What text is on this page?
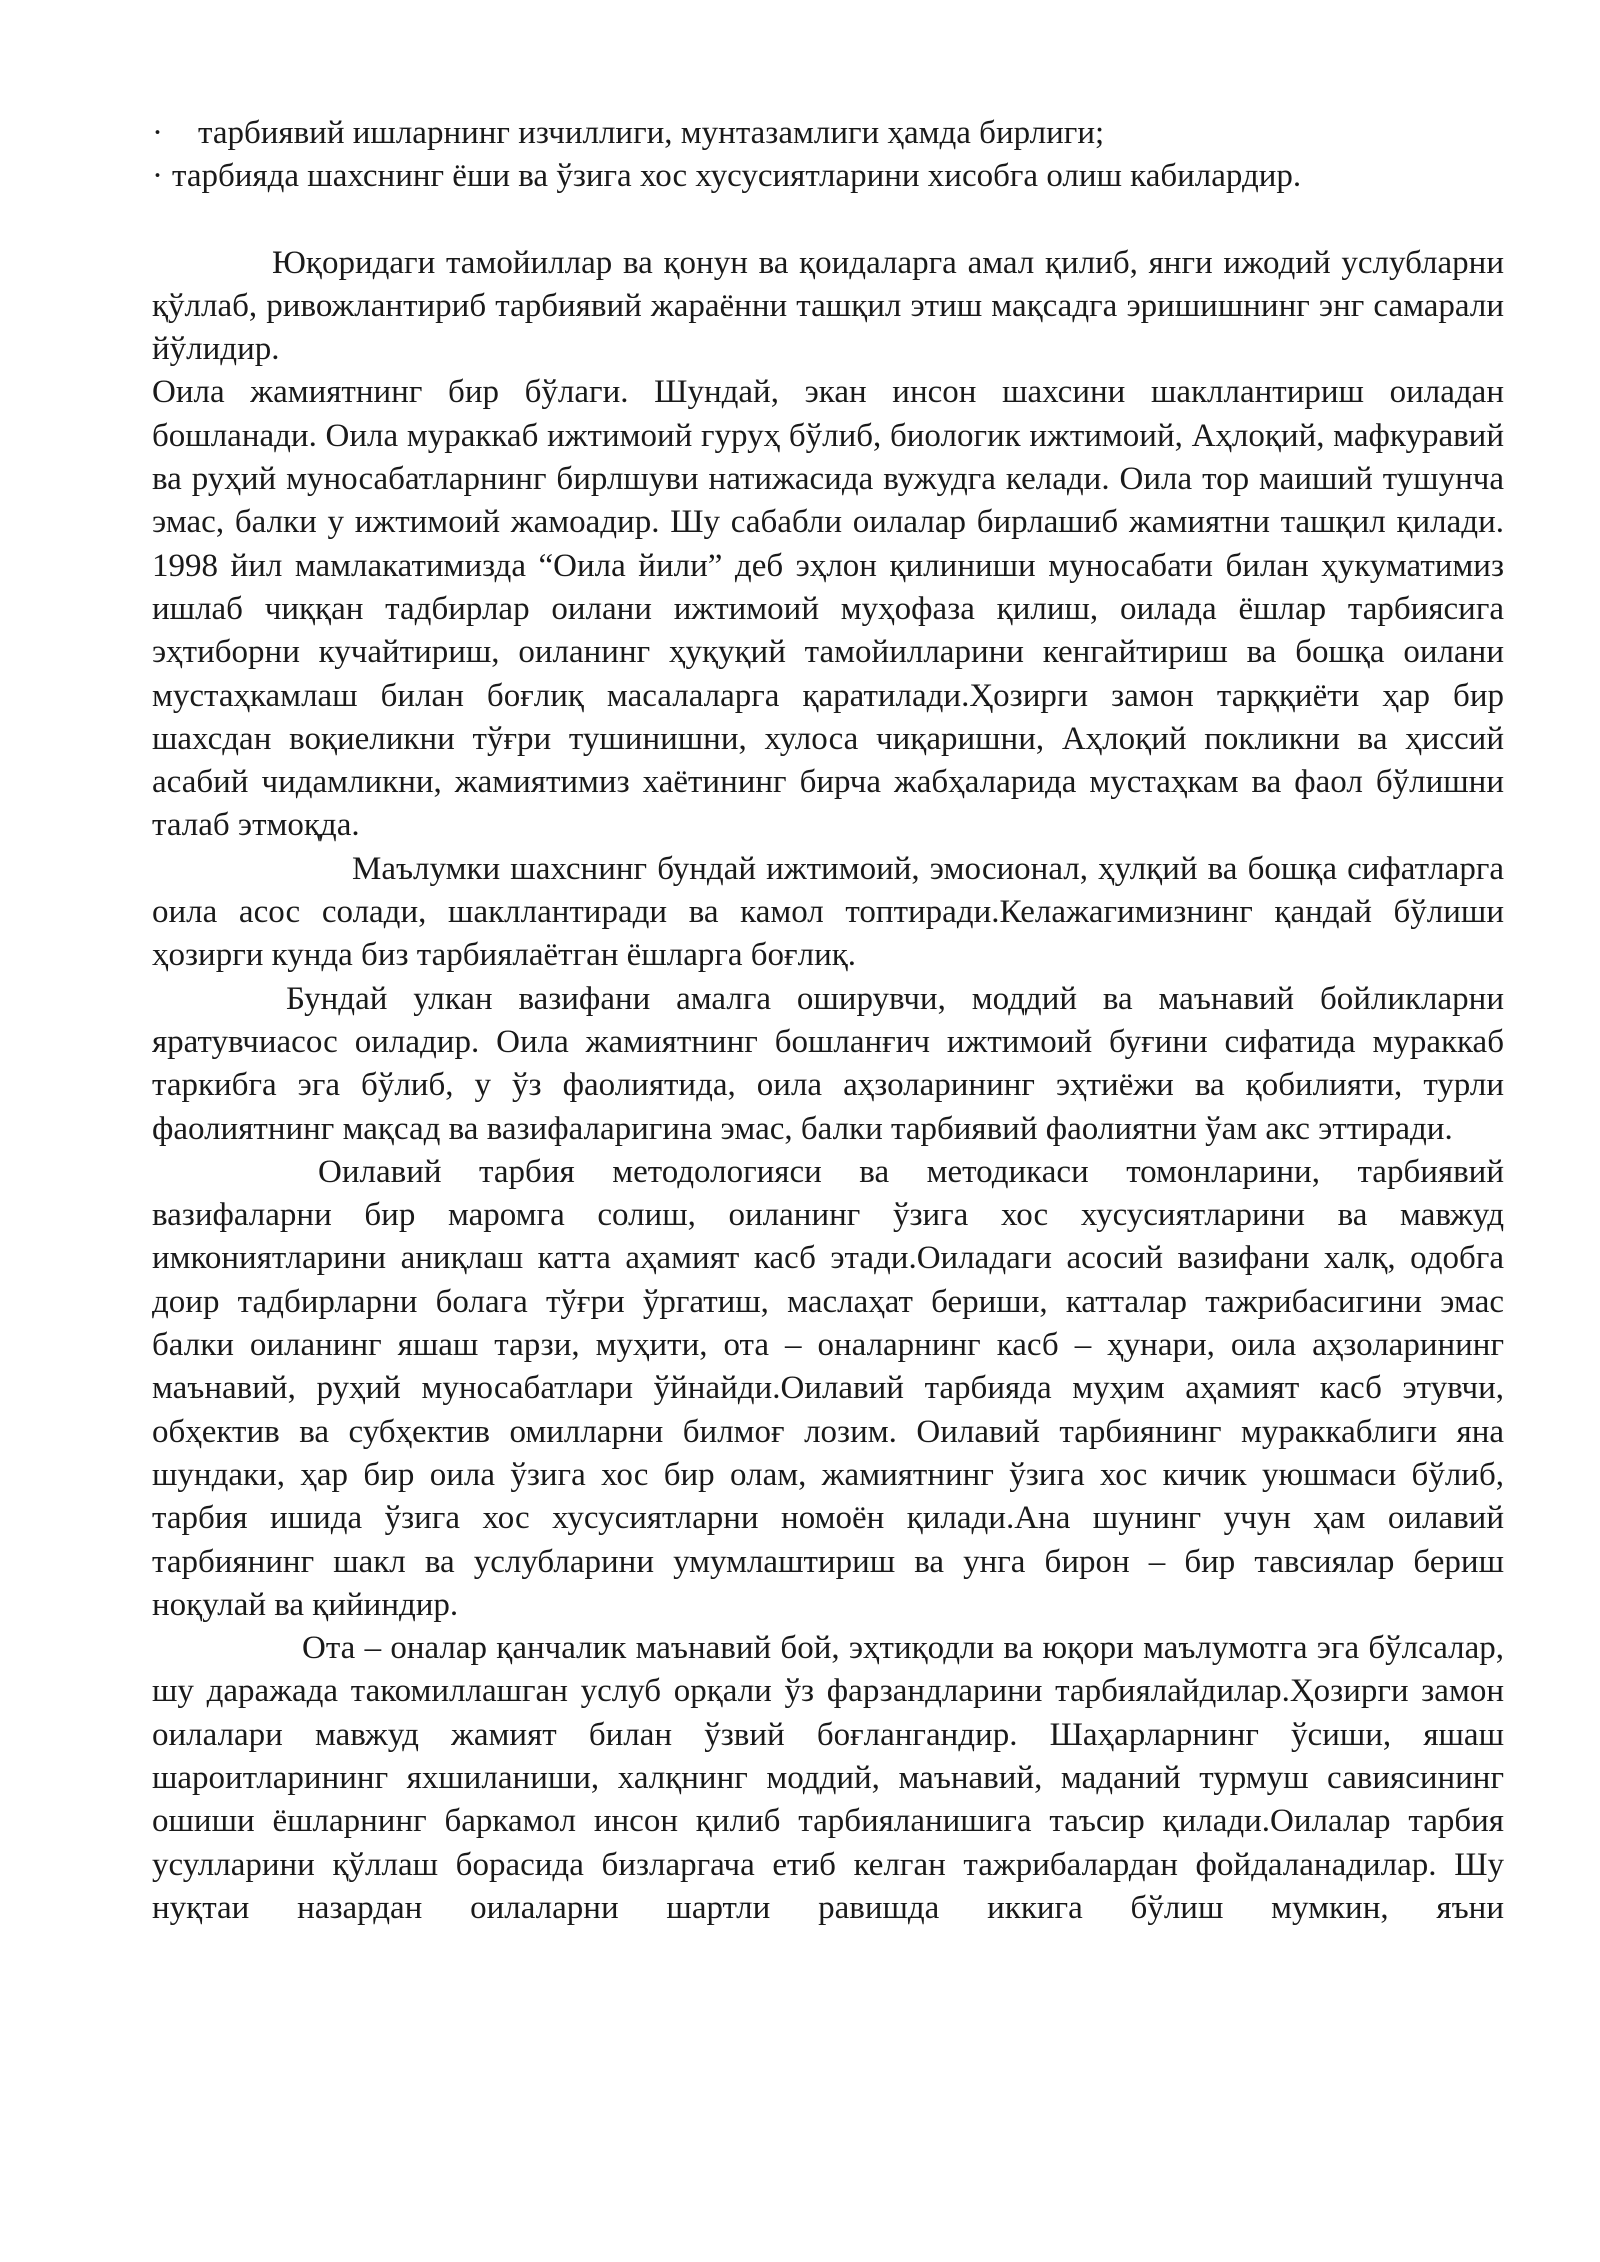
· тарбиявий ишларнинг изчиллиги, мунтазамлиги ҳамда бирлиги;
· тарбияда шахснинг ёши ва ўзига хос хусусиятларини хисобга олиш кабилардир.

Юқоридаги тамойиллар ва қонун ва қоидаларга амал қилиб, янги ижодий услубларни қўллаб, ривожлантириб тарбиявий жараённи ташқил этиш мақсадга эришишнинг энг самарали йўлидир.

Оила жамиятнинг бир бўлаги. Шундай, экан инсон шахсини шакллантириш оиладан бошланади. Оила мураккаб ижтимоий гуруҳ бўлиб, биологик ижтимоий, Аҳлоқий, мафкуравий ва руҳий муносабатларнинг бирлшуви натижасида вужудга келади. Оила тор маиший тушунча эмас, балки у ижтимоий жамоадир. Шу сабабли оилалар бирлашиб жамиятни ташқил қилади. 1998 йил мамлакатимизда “Оила йили” деб эҳлон қилиниши муносабати билан ҳукуматимиз ишлаб чиққан тадбирлар оилани ижтимоий муҳофаза қилиш, оилада ёшлар тарбиясига эҳтиборни кучайтириш, оиланинг ҳуқуқий тамойилларини кенгайтириш ва бошқа оилани мустаҳкамлаш билан боғлиқ масалаларга қаратилади.Ҳозирги замон тарққиёти ҳар бир шахсдан воқиеликни тўғри тушинишни, хулоса чиқаришни, Аҳлоқий покликни ва ҳиссий асабий чидамликни, жамиятимиз хаётининг бирча жабҳаларида мустаҳкам ва фаол бўлишни талаб этмоқда.

Маълумки шахснинг бундай ижтимоий, эмосионал, ҳулқий ва бошқа сифатларга оила асос солади, шакллантиради ва камол топтиради.Келажагимизнинг қандай бўлиши ҳозирги кунда биз тарбиялаётган ёшларга боғлиқ.

Бундай улкан вазифани амалга оширувчи, моддий ва маънавий бойликларни яратувчиасос оиладир. Оила жамиятнинг бошланғич ижтимоий буғини сифатида мураккаб таркибга эга бўлиб, у ўз фаолиятида, оила аҳзоларининг эҳтиёжи ва қобилияти, турли фаолиятнинг мақсад ва вазифаларигина эмас, балки тарбиявий фаолиятни ўам акс эттиради.

Оилавий тарбия методологияси ва методикаси томонларини, тарбиявий вазифаларни бир маромга солиш, оиланинг ўзига хос хусусиятларини ва мавжуд имкониятларини аниқлаш катта аҳамият касб этади.Оиладаги асосий вазифани халқ, одобга доир тадбирларни болага тўғри ўргатиш, маслаҳат бериши, катталар тажрибасигини эмас балки оиланинг яшаш тарзи, муҳити, ота – оналарнинг касб – ҳунари, оила аҳзоларининг маънавий, руҳий муносабатлари ўйнайди.Оилавий тарбияда муҳим аҳамият касб этувчи, обҳектив ва субҳектив омилларни билмоғ лозим. Оилавий тарбиянинг мураккаблиги яна шундаки, ҳар бир оила ўзига хос бир олам, жамиятнинг ўзига хос кичик уюшмаси бўлиб, тарбия ишида ўзига хос хусусиятларни номоён қилади.Ана шунинг учун ҳам оилавий тарбиянинг шакл ва услубларини умумлаштириш ва унга бирон – бир тавсиялар бериш ноқулай ва қийиндир.

Ота – оналар қанчалик маънавий бой, эҳтиқодли ва юқори маълумотга эга бўлсалар, шу даражада такомиллашган услуб орқали ўз фарзандларини тарбиялайдилар.Ҳозирги замон оилалари мавжуд жамият билан ўзвий боғлангандир. Шаҳарларнинг ўсиши, яшаш шароитларининг яхшиланиши, халқнинг моддий, маънавий, маданий турмуш савиясининг ошиши ёшларнинг баркамол инсон қилиб тарбияланишига таъсир қилади.Оилалар тарбия усулларини қўллаш борасида бизларгача етиб келган тажрибалардан фойдаланадилар. Шу нуқтаи назардан оилаларни шартли равишда иккига бўлиш мумкин, яъни
